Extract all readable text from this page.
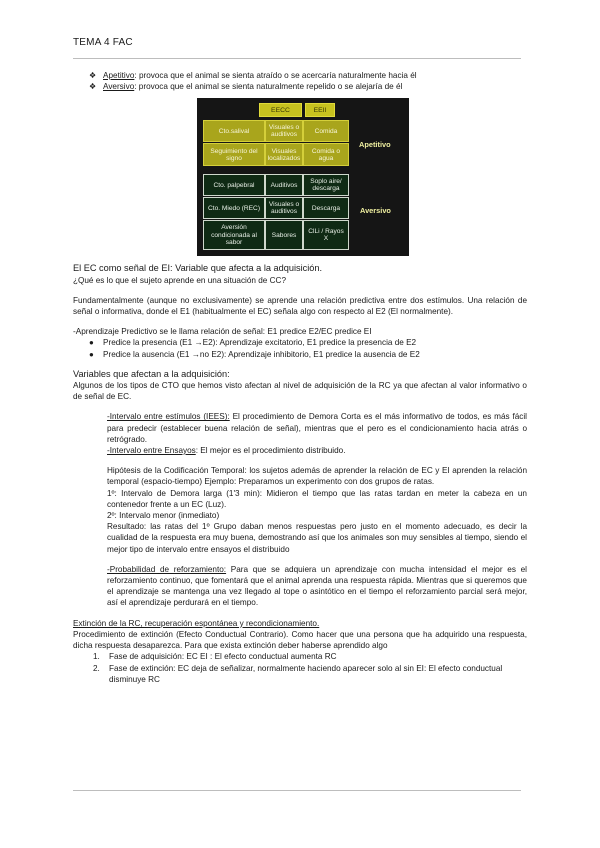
TEMA 4 FAC

❖ Apetitivo: provoca que el animal se sienta atraído o se acercaría naturalmente hacia él

❖ Aversivo: provoca que el animal se sienta naturalmente repelido o se alejaría de él

EECC	EEII
Cto.salival
Visuales o auditivos
Comida
Seguimiento del signo
Visuales localizados
Comida o agua
Apetitivo
Cto. palpebral	Auditivos
Soplo aire/ descarga
Cto. Miedo (REC)
Visuales o auditivos
Descarga
Aversión condicionada al sabor
Sabores
ClLi / Rayos X
Aversivo

El EC como señal de EI: Variable que afecta a la adquisición.

¿Qué es lo que el sujeto aprende en una situación de CC?

Fundamentalmente (aunque no exclusivamente) se aprende una relación predictiva entre dos estímulos. Una relación de señal o informativa, donde el E1 (habitualmente el EC) señala algo con respecto al E2 (El normalmente).

-Aprendizaje Predictivo se le llama relación de señal: E1 predice E2/EC predice EI

● Predice la presencia (E1 →E2): Aprendizaje excitatorio, E1 predice la presencia de E2

● Predice la ausencia (E1 →no E2): Aprendizaje inhibitorio, E1 predice la ausencia de E2

Variables que afectan a la adquisición:

Algunos de los tipos de CTO que hemos visto afectan al nivel de adquisición de la RC ya que afectan al valor informativo o de señal de EC.

-Intervalo entre estímulos (IEES): El procedimiento de Demora Corta es el más informativo de todos, es más fácil para predecir (establecer buena relación de señal), mientras que el pero es el condicionamiento hacia atrás o retrógrado.

-Intervalo entre Ensayos: El mejor es el procedimiento distribuido.

Hipótesis de la Codificación Temporal: los sujetos además de aprender la relación de EC y EI aprenden la relación temporal (espacio-tiempo) Ejemplo: Preparamos un experimento con dos grupos de ratas.

1º: Intervalo de Demora larga (1'3 min): Midieron el tiempo que las ratas tardan en meter la cabeza en un contenedor frente a un EC (Luz).

2º: Intervalo menor (inmediato)

Resultado: las ratas del 1º Grupo daban menos respuestas pero justo en el momento adecuado, es decir la cualidad de la respuesta era muy buena, demostrando así que los animales son muy sensibles al tiempo, siendo el mejor tipo de intervalo entre ensayos el distribuido

-Probabilidad de reforzamiento: Para que se adquiera un aprendizaje con mucha intensidad el mejor es el reforzamiento continuo, que fomentará que el animal aprenda una respuesta rápida. Mientras que si queremos que el aprendizaje se mantenga una vez llegado al tope o asintótico en el tiempo el reforzamiento parcial será mejor, así el aprendizaje perdurará en el tiempo.

Extinción de la RC, recuperación espontánea y recondicionamiento.

Procedimiento de extinción (Efecto Conductual Contrario). Como hacer que una persona que ha adquirido una respuesta, dicha respuesta desaparezca. Para que exista extinción deber haberse aprendido algo

1. Fase de adquisición: EC EI : El efecto conductual aumenta RC

2. Fase de extinción: EC deja de señalizar, normalmente haciendo aparecer solo al sin EI: El efecto conductual disminuye RC
